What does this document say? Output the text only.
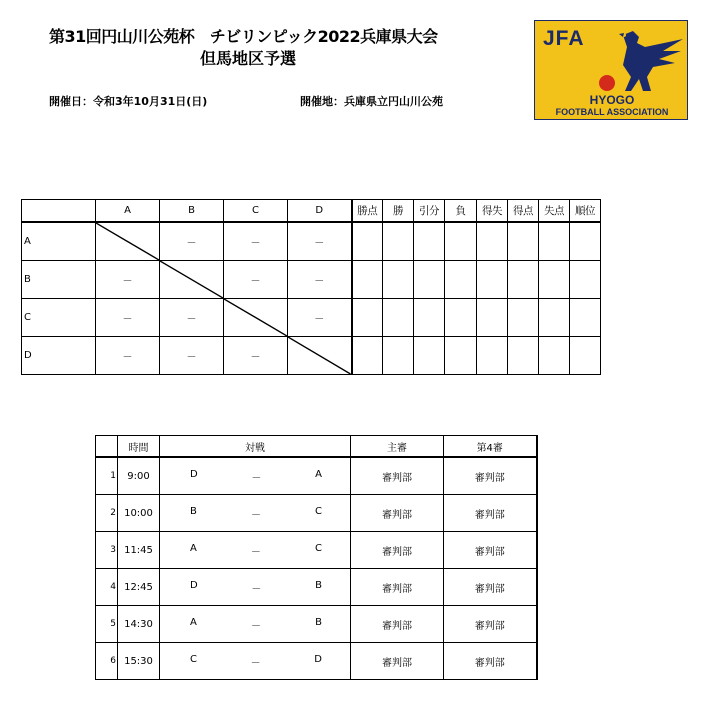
第31回円山川公苑杯　チビリンピック2022兵庫県大会
但馬地区予選
開催日：令和3年10月31日(日)	開催地：兵庫県立円山川公苑
JFA
HYOGO
FOOTBALL ASSOCIATION
	A	B	C	D	勝点	勝	引分	負	得失	得点	失点	順位
A		－	－	－								
B	－		－	－								
C	－	－		－								
D	－	－	－	

	時間	対戦	主審	第4審
1	9:00	D － A	審判部	審判部
2	10:00	B － C	審判部	審判部
3	11:45	A － C	審判部	審判部
4	12:45	D － B	審判部	審判部
5	14:30	A － B	審判部	審判部
6	15:30	C － D	審判部	審判部
